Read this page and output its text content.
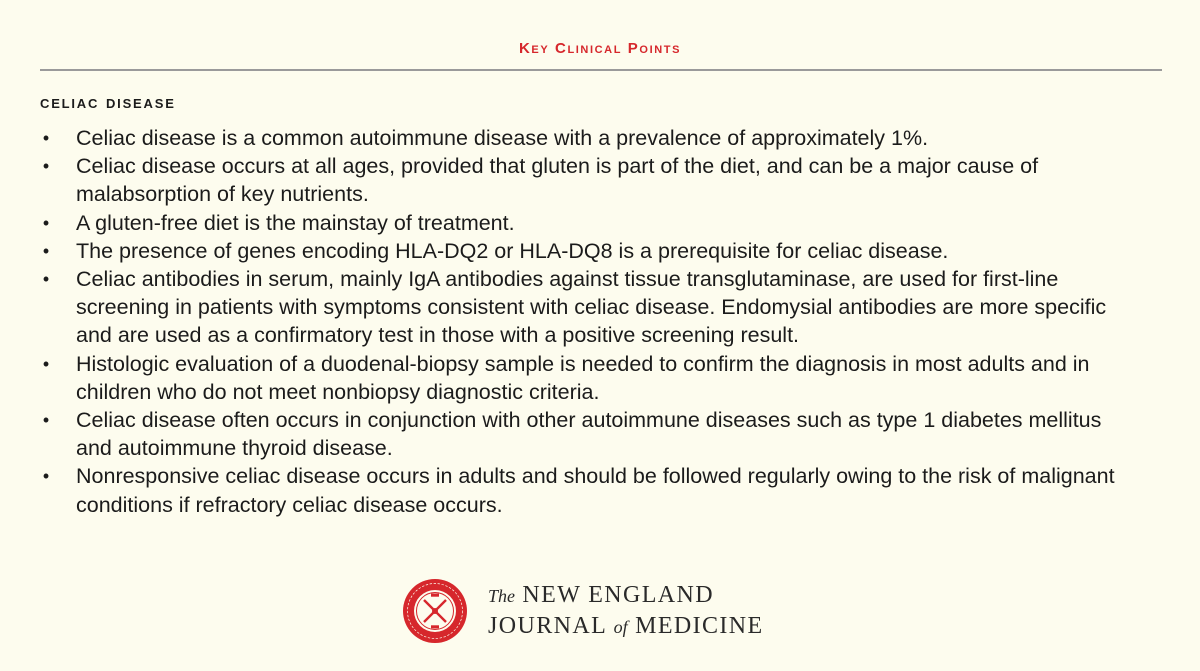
Key Clinical Points
celiac disease
• Celiac disease is a common autoimmune disease with a prevalence of approximately 1%.
• Celiac disease occurs at all ages, provided that gluten is part of the diet, and can be a major cause of malabsorption of key nutrients.
• A gluten-free diet is the mainstay of treatment.
• The presence of genes encoding HLA-DQ2 or HLA-DQ8 is a prerequisite for celiac disease.
• Celiac antibodies in serum, mainly IgA antibodies against tissue transglutaminase, are used for first-line screening in patients with symptoms consistent with celiac disease. Endomysial antibodies are more specific and are used as a confirmatory test in those with a positive screening result.
• Histologic evaluation of a duodenal-biopsy sample is needed to confirm the diagnosis in most adults and in children who do not meet nonbiopsy diagnostic criteria.
• Celiac disease often occurs in conjunction with other autoimmune diseases such as type 1 diabetes mellitus and autoimmune thyroid disease.
• Nonresponsive celiac disease occurs in adults and should be followed regularly owing to the risk of malignant conditions if refractory celiac disease occurs.
The NEW ENGLAND
JOURNAL of MEDICINE
